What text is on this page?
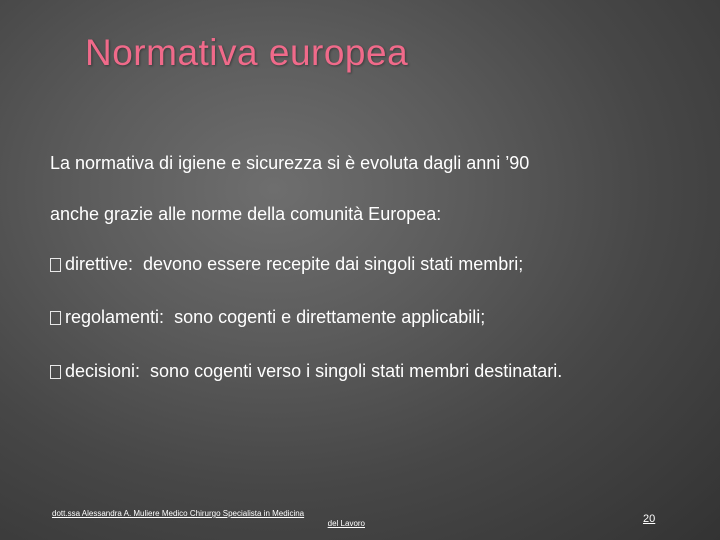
Normativa europea
La normativa di igiene e sicurezza si è evoluta dagli anni ’90
anche grazie alle norme della comunità Europea:
direttive: devono essere recepite dai singoli stati membri;
regolamenti: sono cogenti e direttamente applicabili;
decisioni: sono cogenti verso i singoli stati membri destinatari.
dott.ssa Alessandra A. Muliere Medico Chirurgo Specialista in Medicina
del Lavoro	20
